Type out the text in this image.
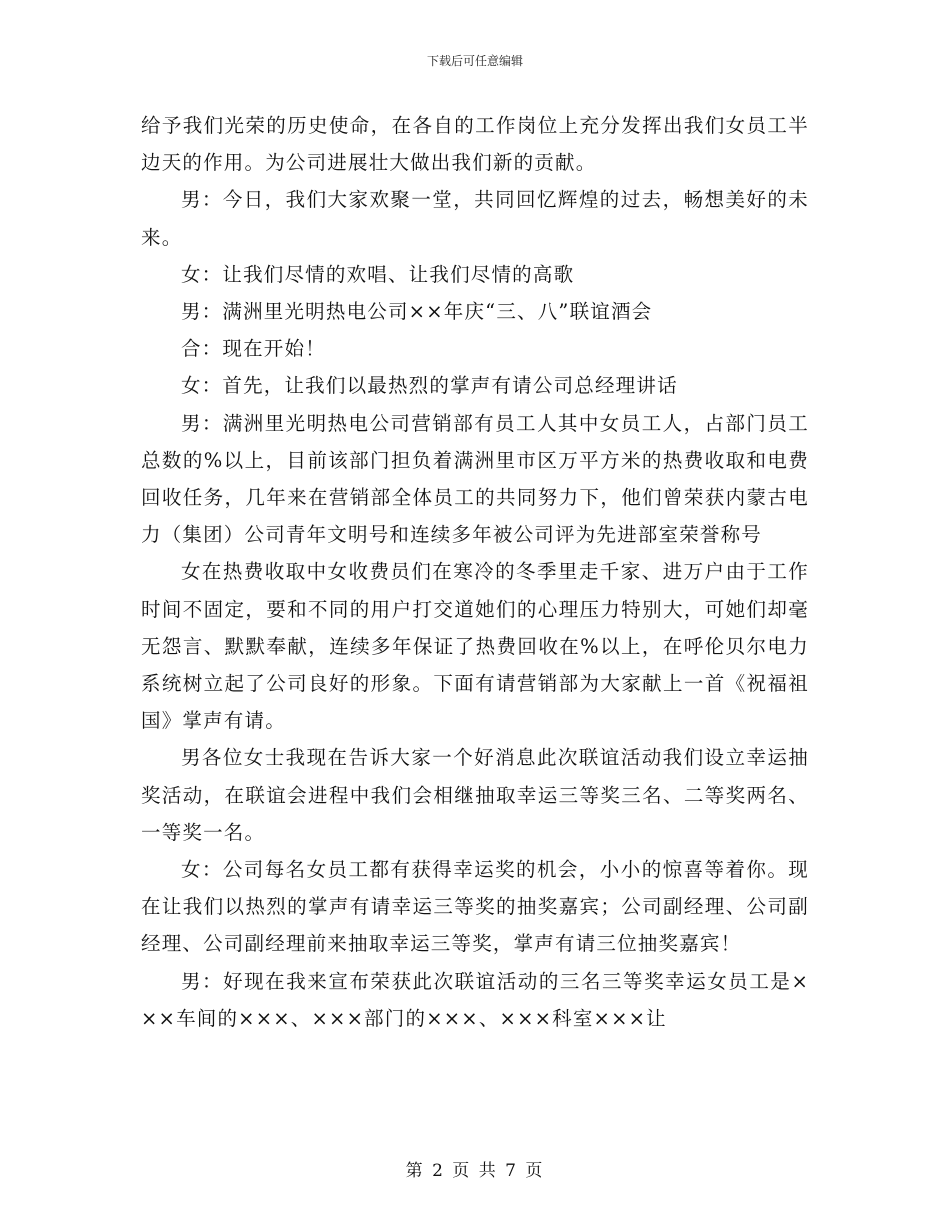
下载后可任意编辑

给予我们光荣的历史使命，在各自的工作岗位上充分发挥出我们女员工半边天的作用。为公司进展壮大做出我们新的贡献。

男：今日，我们大家欢聚一堂，共同回忆辉煌的过去，畅想美好的未来。

女：让我们尽情的欢唱、让我们尽情的高歌

男：满洲里光明热电公司××年庆“三、八”联谊酒会

合：现在开始！

女：首先，让我们以最热烈的掌声有请公司总经理讲话

男：满洲里光明热电公司营销部有员工人其中女员工人，占部门员工总数的%以上，目前该部门担负着满洲里市区万平方米的热费收取和电费回收任务，几年来在营销部全体员工的共同努力下，他们曾荣获内蒙古电力（集团）公司青年文明号和连续多年被公司评为先进部室荣誉称号

女在热费收取中女收费员们在寒冷的冬季里走千家、进万户由于工作时间不固定，要和不同的用户打交道她们的心理压力特别大，可她们却毫无怨言、默默奉献，连续多年保证了热费回收在%以上，在呼伦贝尔电力系统树立起了公司良好的形象。下面有请营销部为大家献上一首《祝福祖国》掌声有请。

男各位女士我现在告诉大家一个好消息此次联谊活动我们设立幸运抽奖活动，在联谊会进程中我们会相继抽取幸运三等奖三名、二等奖两名、一等奖一名。

女：公司每名女员工都有获得幸运奖的机会，小小的惊喜等着你。现在让我们以热烈的掌声有请幸运三等奖的抽奖嘉宾；公司副经理、公司副经理、公司副经理前来抽取幸运三等奖，掌声有请三位抽奖嘉宾！

男：好现在我来宣布荣获此次联谊活动的三名三等奖幸运女员工是×××车间的×××、×××部门的×××、×××科室×××让

第 2 页 共 7 页
